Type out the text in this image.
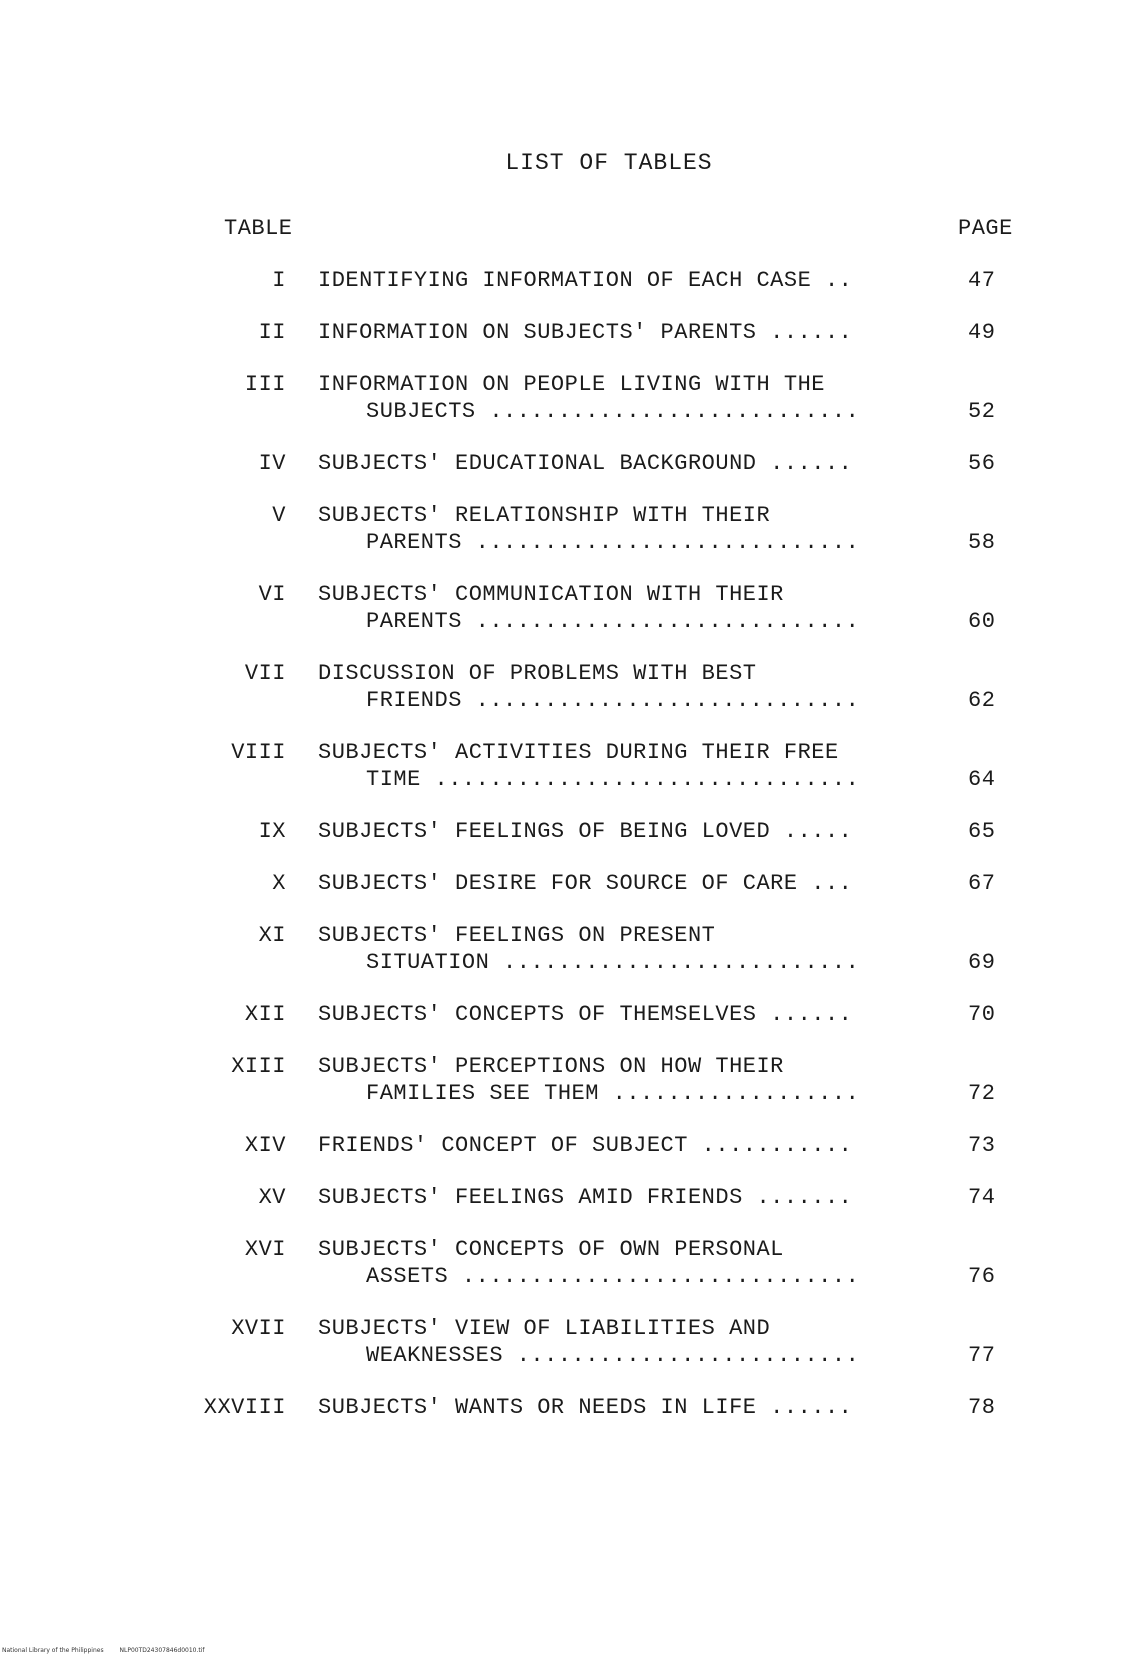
LIST OF TABLES
TABLE	PAGE
I IDENTIFYING INFORMATION OF EACH CASE ..	47
II INFORMATION ON SUBJECTS' PARENTS ......	49
III INFORMATION ON PEOPLE LIVING WITH THE
SUBJECTS ...........................	52
IV SUBJECTS' EDUCATIONAL BACKGROUND ......	56
V SUBJECTS' RELATIONSHIP WITH THEIR
PARENTS ............................	58
VI SUBJECTS' COMMUNICATION WITH THEIR
PARENTS ............................	60
VII DISCUSSION OF PROBLEMS WITH BEST
FRIENDS ............................	62
VIII SUBJECTS' ACTIVITIES DURING THEIR FREE
TIME ...............................	64
IX SUBJECTS' FEELINGS OF BEING LOVED .....	65
X SUBJECTS' DESIRE FOR SOURCE OF CARE ...	67
XI SUBJECTS' FEELINGS ON PRESENT
SITUATION ..........................	69
XII SUBJECTS' CONCEPTS OF THEMSELVES ......	70
XIII SUBJECTS' PERCEPTIONS ON HOW THEIR
FAMILIES SEE THEM ..................	72
XIV FRIENDS' CONCEPT OF SUBJECT ...........	73
XV SUBJECTS' FEELINGS AMID FRIENDS .......	74
XVI SUBJECTS' CONCEPTS OF OWN PERSONAL
ASSETS .............................	76
XVII SUBJECTS' VIEW OF LIABILITIES AND
WEAKNESSES .........................	77
XXVIII SUBJECTS' WANTS OR NEEDS IN LIFE ......	78
National Library of the Philippines	NLP00TD24307846d0010.tif
